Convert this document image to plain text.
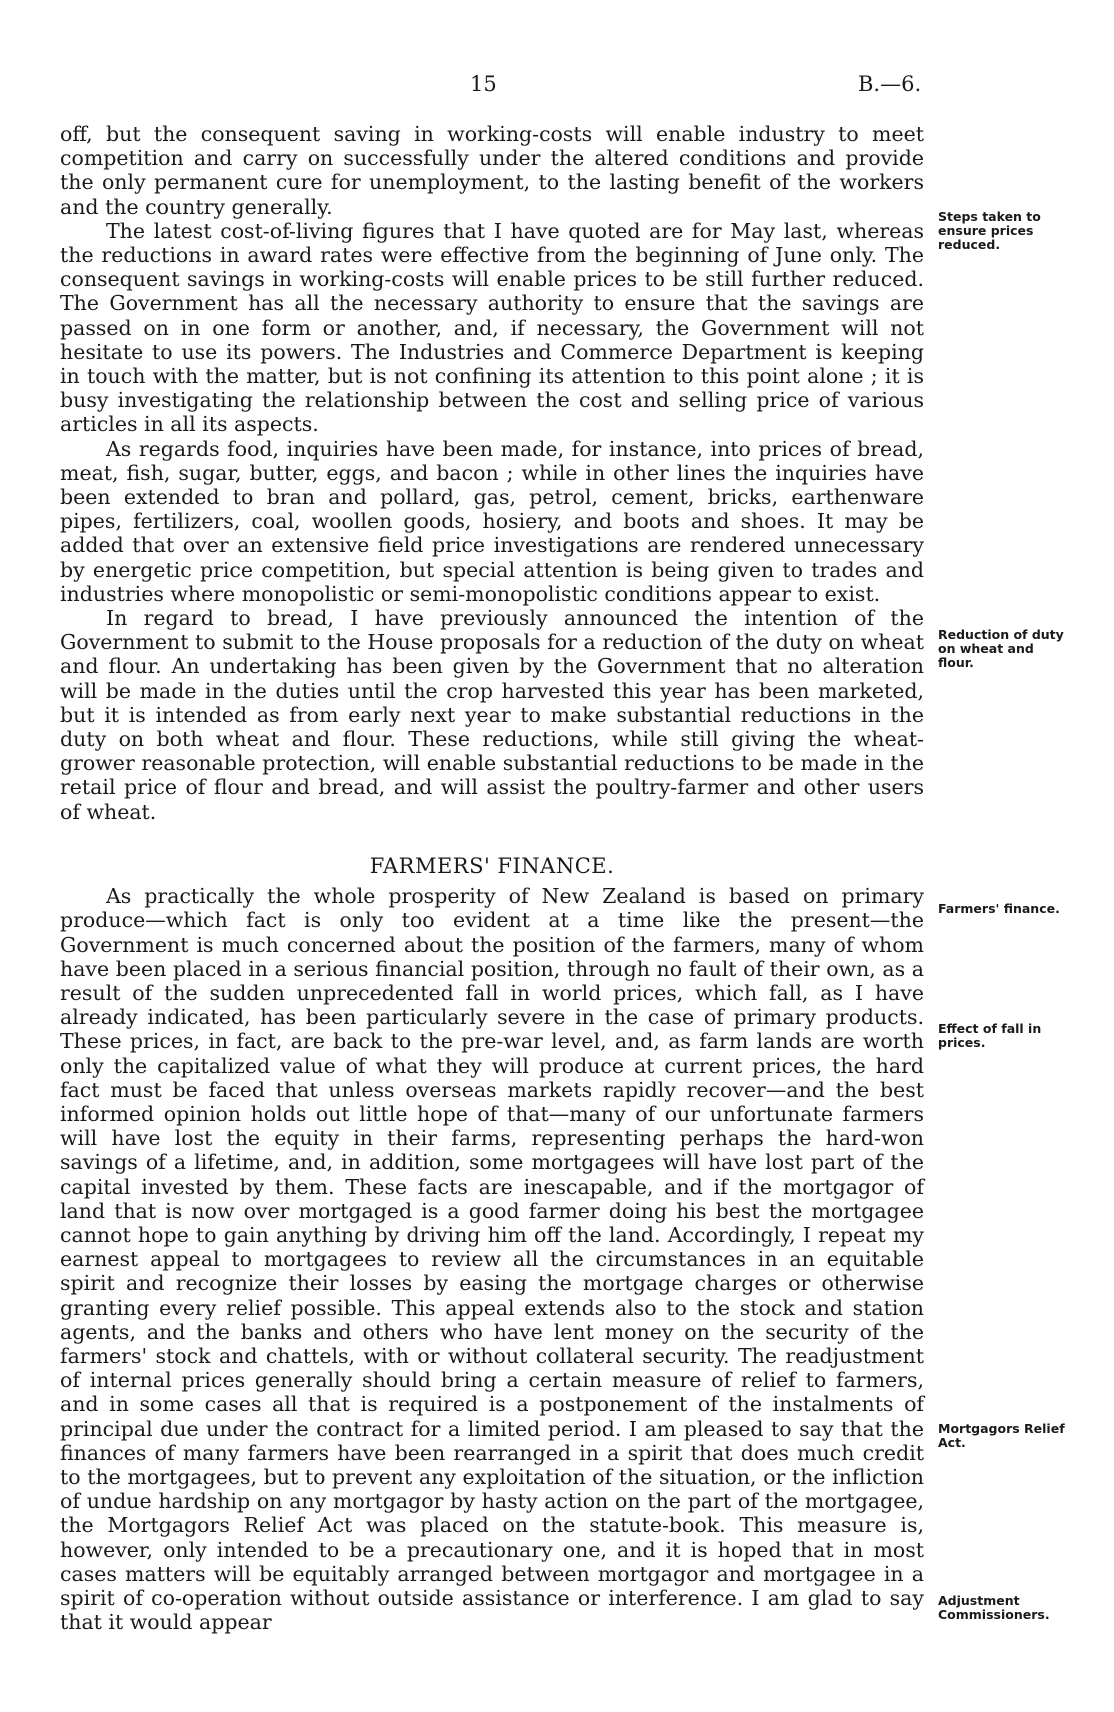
15	B.—6.

off, but the consequent saving in working-costs will enable industry to meet competition and carry on successfully under the altered conditions and provide the only permanent cure for unemployment, to the lasting benefit of the workers and the country generally.

The latest cost-of-living figures that I have quoted are for May last, whereas the reductions in award rates were effective from the beginning of June only. The consequent savings in working-costs will enable prices to be still further reduced. The Government has all the necessary authority to ensure that the savings are passed on in one form or another, and, if necessary, the Government will not hesitate to use its powers. The Industries and Commerce Department is keeping in touch with the matter, but is not confining its attention to this point alone ; it is busy investigating the relationship between the cost and selling price of various articles in all its aspects.

As regards food, inquiries have been made, for instance, into prices of bread, meat, fish, sugar, butter, eggs, and bacon ; while in other lines the inquiries have been extended to bran and pollard, gas, petrol, cement, bricks, earthenware pipes, fertilizers, coal, woollen goods, hosiery, and boots and shoes. It may be added that over an extensive field price investigations are rendered unnecessary by energetic price competition, but special attention is being given to trades and industries where monopolistic or semi-monopolistic conditions appear to exist.

In regard to bread, I have previously announced the intention of the Government to submit to the House proposals for a reduction of the duty on wheat and flour. An undertaking has been given by the Government that no alteration will be made in the duties until the crop harvested this year has been marketed, but it is intended as from early next year to make substantial reductions in the duty on both wheat and flour. These reductions, while still giving the wheat-grower reasonable protection, will enable substantial reductions to be made in the retail price of flour and bread, and will assist the poultry-farmer and other users of wheat.

FARMERS' FINANCE.

As practically the whole prosperity of New Zealand is based on primary produce—which fact is only too evident at a time like the present—the Government is much concerned about the position of the farmers, many of whom have been placed in a serious financial position, through no fault of their own, as a result of the sudden unprecedented fall in world prices, which fall, as I have already indicated, has been particularly severe in the case of primary products. These prices, in fact, are back to the pre-war level, and, as farm lands are worth only the capitalized value of what they will produce at current prices, the hard fact must be faced that unless overseas markets rapidly recover—and the best informed opinion holds out little hope of that—many of our unfortunate farmers will have lost the equity in their farms, representing perhaps the hard-won savings of a lifetime, and, in addition, some mortgagees will have lost part of the capital invested by them. These facts are inescapable, and if the mortgagor of land that is now over mortgaged is a good farmer doing his best the mortgagee cannot hope to gain anything by driving him off the land. Accordingly, I repeat my earnest appeal to mortgagees to review all the circumstances in an equitable spirit and recognize their losses by easing the mortgage charges or otherwise granting every relief possible. This appeal extends also to the stock and station agents, and the banks and others who have lent money on the security of the farmers' stock and chattels, with or without collateral security. The readjustment of internal prices generally should bring a certain measure of relief to farmers, and in some cases all that is required is a postponement of the instalments of principal due under the contract for a limited period. I am pleased to say that the finances of many farmers have been rearranged in a spirit that does much credit to the mortgagees, but to prevent any exploitation of the situation, or the infliction of undue hardship on any mortgagor by hasty action on the part of the mortgagee, the Mortgagors Relief Act was placed on the statute-book. This measure is, however, only intended to be a precautionary one, and it is hoped that in most cases matters will be equitably arranged between mortgagor and mortgagee in a spirit of co-operation without outside assistance or interference. I am glad to say that it would appear

Steps taken to
ensure prices
reduced.
Reduction of duty
on wheat and
flour.
Farmers' finance.
Effect of fall in
prices.
Mortgagors Relief
Act.
Adjustment
Commissioners.
